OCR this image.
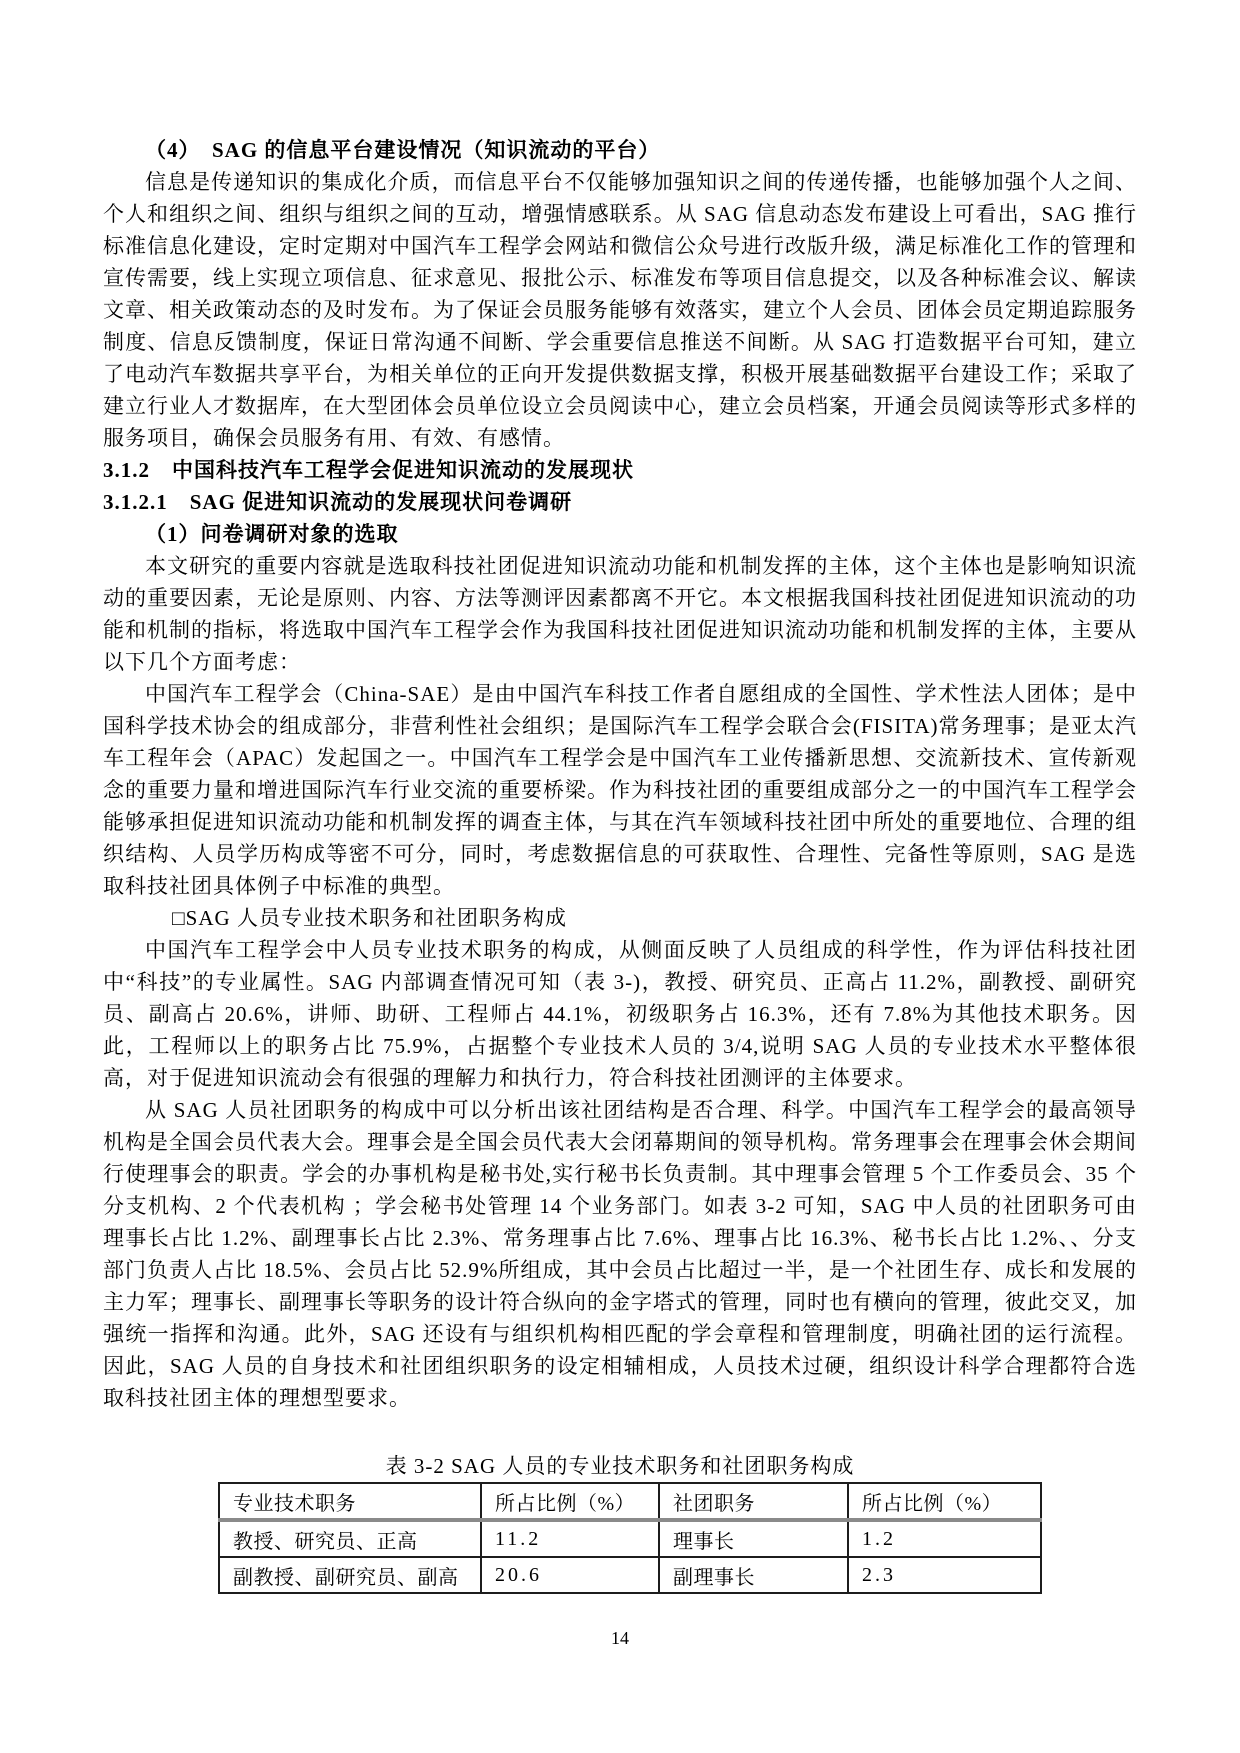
（4）　SAG 的信息平台建设情况（知识流动的平台）

信息是传递知识的集成化介质，而信息平台不仅能够加强知识之间的传递传播，也能够加强个人之间、个人和组织之间、组织与组织之间的互动，增强情感联系。从 SAG 信息动态发布建设上可看出，SAG 推行标准信息化建设，定时定期对中国汽车工程学会网站和微信公众号进行改版升级，满足标准化工作的管理和宣传需要，线上实现立项信息、征求意见、报批公示、标准发布等项目信息提交，以及各种标准会议、解读文章、相关政策动态的及时发布。为了保证会员服务能够有效落实，建立个人会员、团体会员定期追踪服务制度、信息反馈制度，保证日常沟通不间断、学会重要信息推送不间断。从 SAG 打造数据平台可知，建立了电动汽车数据共享平台，为相关单位的正向开发提供数据支撑，积极开展基础数据平台建设工作；采取了建立行业人才数据库，在大型团体会员单位设立会员阅读中心，建立会员档案，开通会员阅读等形式多样的服务项目，确保会员服务有用、有效、有感情。

3.1.2　中国科技汽车工程学会促进知识流动的发展现状

3.1.2.1　SAG 促进知识流动的发展现状问卷调研

（1）问卷调研对象的选取

本文研究的重要内容就是选取科技社团促进知识流动功能和机制发挥的主体，这个主体也是影响知识流动的重要因素，无论是原则、内容、方法等测评因素都离不开它。本文根据我国科技社团促进知识流动的功能和机制的指标，将选取中国汽车工程学会作为我国科技社团促进知识流动功能和机制发挥的主体，主要从以下几个方面考虑：

中国汽车工程学会（China-SAE）是由中国汽车科技工作者自愿组成的全国性、学术性法人团体；是中国科学技术协会的组成部分，非营利性社会组织；是国际汽车工程学会联合会(FISITA)常务理事；是亚太汽车工程年会（APAC）发起国之一。中国汽车工程学会是中国汽车工业传播新思想、交流新技术、宣传新观念的重要力量和增进国际汽车行业交流的重要桥梁。作为科技社团的重要组成部分之一的中国汽车工程学会能够承担促进知识流动功能和机制发挥的调查主体，与其在汽车领域科技社团中所处的重要地位、合理的组织结构、人员学历构成等密不可分，同时，考虑数据信息的可获取性、合理性、完备性等原则，SAG 是选取科技社团具体例子中标准的典型。

□SAG 人员专业技术职务和社团职务构成

中国汽车工程学会中人员专业技术职务的构成，从侧面反映了人员组成的科学性，作为评估科技社团中“科技”的专业属性。SAG 内部调查情况可知（表 3-)，教授、研究员、正高占 11.2%，副教授、副研究员、副高占 20.6%，讲师、助研、工程师占 44.1%，初级职务占 16.3%，还有 7.8%为其他技术职务。因此，工程师以上的职务占比 75.9%，占据整个专业技术人员的 3/4,说明 SAG 人员的专业技术水平整体很高，对于促进知识流动会有很强的理解力和执行力，符合科技社团测评的主体要求。

从 SAG 人员社团职务的构成中可以分析出该社团结构是否合理、科学。中国汽车工程学会的最高领导机构是全国会员代表大会。理事会是全国会员代表大会闭幕期间的领导机构。常务理事会在理事会休会期间行使理事会的职责。学会的办事机构是秘书处,实行秘书长负责制。其中理事会管理 5 个工作委员会、35 个分支机构、2 个代表机构 ；学会秘书处管理 14 个业务部门。如表 3-2 可知，SAG 中人员的社团职务可由理事长占比 1.2%、副理事长占比 2.3%、常务理事占比 7.6%、理事占比 16.3%、秘书长占比 1.2%、、分支部门负责人占比 18.5%、会员占比 52.9%所组成，其中会员占比超过一半，是一个社团生存、成长和发展的主力军；理事长、副理事长等职务的设计符合纵向的金字塔式的管理，同时也有横向的管理，彼此交叉，加强统一指挥和沟通。此外，SAG 还设有与组织机构相匹配的学会章程和管理制度，明确社团的运行流程。因此，SAG 人员的自身技术和社团组织职务的设定相辅相成，人员技术过硬，组织设计科学合理都符合选取科技社团主体的理想型要求。

表 3-2 SAG 人员的专业技术职务和社团职务构成

专业技术职务	所占比例（%）	社团职务	所占比例（%）
教授、研究员、正高	11.2	理事长	1.2
副教授、副研究员、副高	20.6	副理事长	2.3
14
